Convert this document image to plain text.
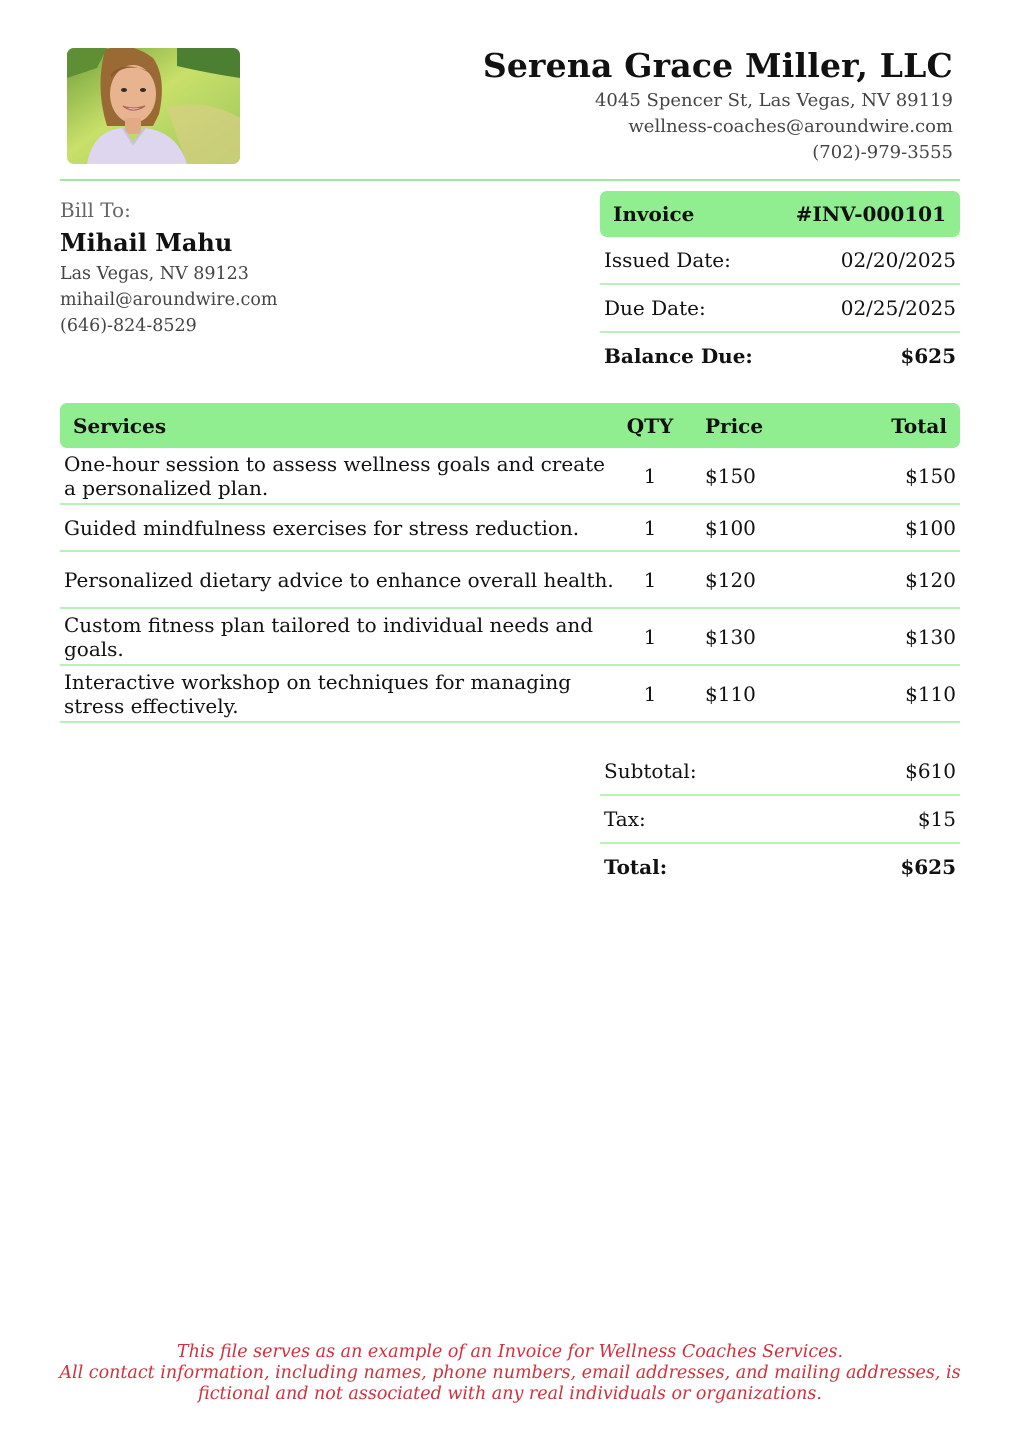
Serena Grace Miller, LLC
4045 Spencer St, Las Vegas, NV 89119
wellness-coaches@aroundwire.com
(702)-979-3555
Bill To:
Mihail Mahu
Las Vegas, NV 89123
mihail@aroundwire.com
(646)-824-8529
Invoice	#INV-000101
Issued Date:	02/20/2025
Due Date:	02/25/2025
Balance Due:	$625
Services	QTY	Price	Total
One-hour session to assess wellness goals and create a personalized plan.	1	$150	$150
Guided mindfulness exercises for stress reduction.	1	$100	$100
Personalized dietary advice to enhance overall health.	1	$120	$120
Custom fitness plan tailored to individual needs and goals.	1	$130	$130
Interactive workshop on techniques for managing stress effectively.	1	$110	$110
Subtotal:	$610
Tax:	$15
Total:	$625
This file serves as an example of an Invoice for Wellness Coaches Services.
All contact information, including names, phone numbers, email addresses, and mailing addresses, is
fictional and not associated with any real individuals or organizations.
